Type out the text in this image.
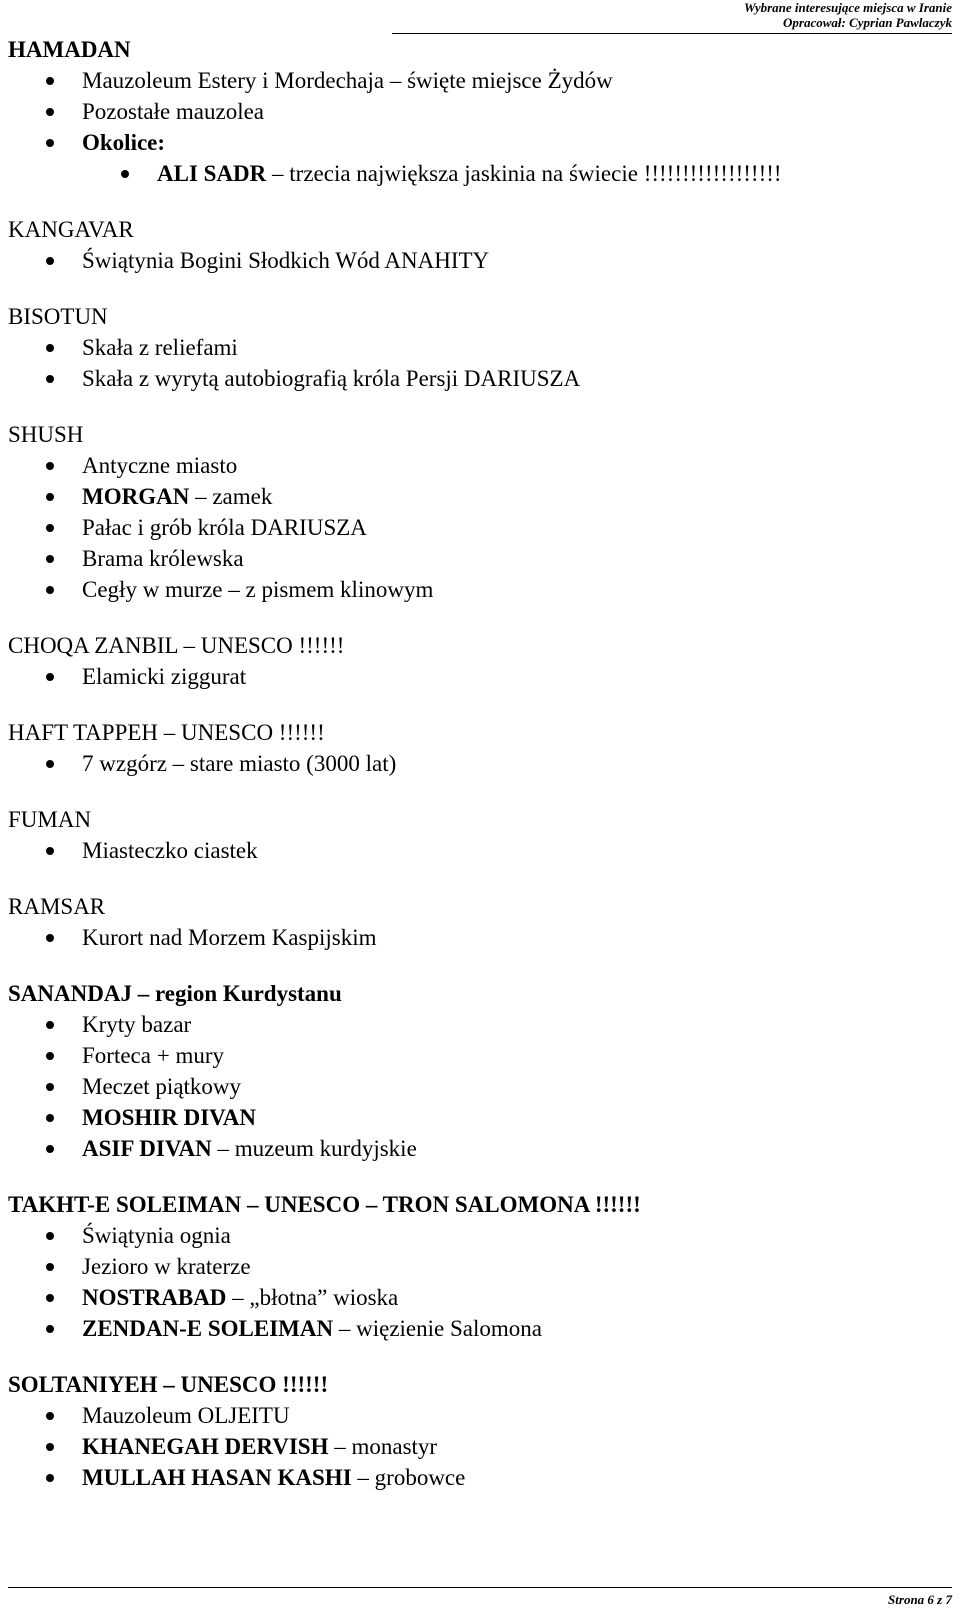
Wybrane interesujące miejsca w Iranie
Opracował: Cyprian Pawlaczyk
HAMADAN
Mauzoleum Estery i Mordechaja – święte miejsce Żydów
Pozostałe mauzolea
Okolice:
ALI SADR – trzecia największa jaskinia na świecie !!!!!!!!!!!!!!!!!!
KANGAVAR
Świątynia Bogini Słodkich Wód ANAHITY
BISOTUN
Skała z reliefami
Skała z wyrytą autobiografią króla Persji DARIUSZA
SHUSH
Antyczne miasto
MORGAN – zamek
Pałac i grób króla DARIUSZA
Brama królewska
Cegły w murze – z pismem klinowym
CHOQA ZANBIL – UNESCO !!!!!!
Elamicki ziggurat
HAFT TAPPEH – UNESCO !!!!!!
7 wzgórz – stare miasto (3000 lat)
FUMAN
Miasteczko ciastek
RAMSAR
Kurort nad Morzem Kaspijskim
SANANDAJ – region Kurdystanu
Kryty bazar
Forteca + mury
Meczet piątkowy
MOSHIR DIVAN
ASIF DIVAN – muzeum kurdyjskie
TAKHT-E SOLEIMAN – UNESCO – TRON SALOMONA !!!!!!
Świątynia ognia
Jezioro w kraterze
NOSTRABAD – „błotna” wioska
ZENDAN-E SOLEIMAN – więzienie Salomona
SOLTANIYEH – UNESCO !!!!!!
Mauzoleum OLJEITU
KHANEGAH DERVISH – monastyr
MULLAH HASAN KASHI – grobowce
Strona 6 z 7
